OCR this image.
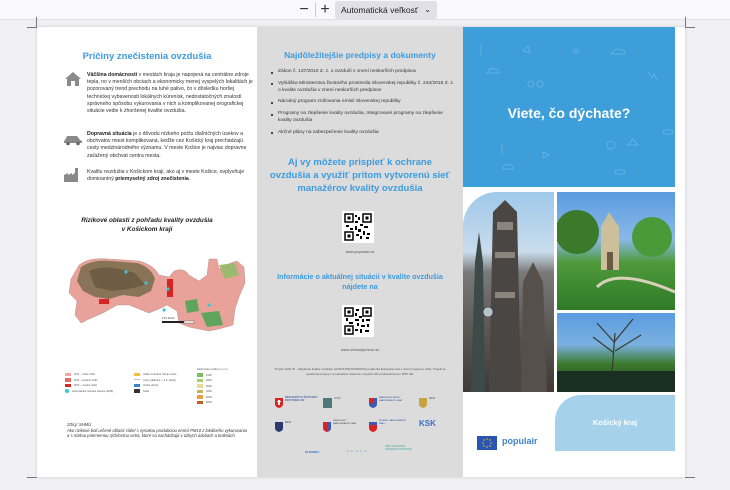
− +	Automatická veľkosť ⌄
Príčiny znečistenia ovzdušia
Väčšina domácností v mestách kraja je napojená na centrálne zdroje tepla, no v menších obciach a ekonomicky menej vyspelých lokalitách je pozorovaný trend prechodu na tuhé palivo, čo v dôsledku horšej technickej vybavenosti lokálnych kúrenísk, nedostatočných znalostí správneho spôsobu vykurovania v nich a komplikovanej orografickej situácie vedie k zhoršenej kvalite ovzdušia.
Dopravná situácia je z dôvodu nízkeho počtu diaľničných úsekov a obchvatov miest komplikovaná, keďže cez Košický kraj prechádzajú cesty medzinárodného významu. V meste Košice je najviac dopravne zaťažený obchvat centra mesta.
Kvalitu ovzdušia v Košickom kraji, ako aj v meste Košice, ovplyvňuje dominantný priemyselný zdroj znečistenia.
Rizikové oblasti z pohľadu kvality ovzdušia
v Košickom kraji
0 10 20 km
RO1 – nízke riziko
RO2 – stredné riziko
RO3 – vysoké riziko
Automatické meracie stanice (AMS)
Veľké a stredné zdroje emisií
Cesty (diaľnice, I. a II. triedy)
Vodné plochy
Sídla
Nadmorská výška (m n.m.)
1000
2000
3000
4000
5000
6000
Zdroj: SHMÚ
Ako rizikové boli určené oblasti sídiel s vysokou produkciou emisií PM10 z lokálneho vykurovania a s nízkou priemernou rýchlosťou vetra, ktoré sa nachádzajú v úzkych údoliach a kotlinách.
Najdôležitejšie predpisy a dokumenty
Zákon č. 137/2010 Z. z. o ovzduší v znení neskorších predpisov
Vyhláška Ministerstva životného prostredia Slovenskej republiky č. 244/2016 Z. z. o kvalite ovzdušia v znení neskorších predpisov
Národný program znižovania emisií Slovenskej republiky
Programy na zlepšenie kvality ovzdušia, Integrované programy na zlepšenie kvality ovzdušia
Akčné plány na zabezpečenie kvality ovzdušia
Aj vy môžete prispieť k ochrane ovzdušia a využiť pritom vytvorenú sieť manažérov kvality ovzdušia
www.populair.sk
Informácie o aktuálnej situácii v kvalite ovzdušia nájdete na
www.shmudychom.sk
Projekt LIFE IP – Zlepšenie kvality ovzdušia (LIFE18 IPE/SK/000010) podporila Európska únia v rámci programu LIFE. Projekt je spolufinancovaný z prostriedkov štátneho rozpočtu SR prostredníctvom MŽP SR.
MINISTERSTVO ŽIVOTNÉHO PROSTREDIA SR
SHMÚ	BANSKOBYSTRICKÝ SAMOSPRÁVNY KRAJ
KRAJ
KRAJ	PREŠOVSKÝ SAMOSPRÁVNY KRAJ
ŽILINSKÝ SAMOSPRÁVNY KRAJ	KSK
SLOVNET	P.E.D.A.S.
VŠB TECHNICKÁ UNIVERZITA OSTRAVA
Viete, čo dýchate?
populair
Košický kraj
